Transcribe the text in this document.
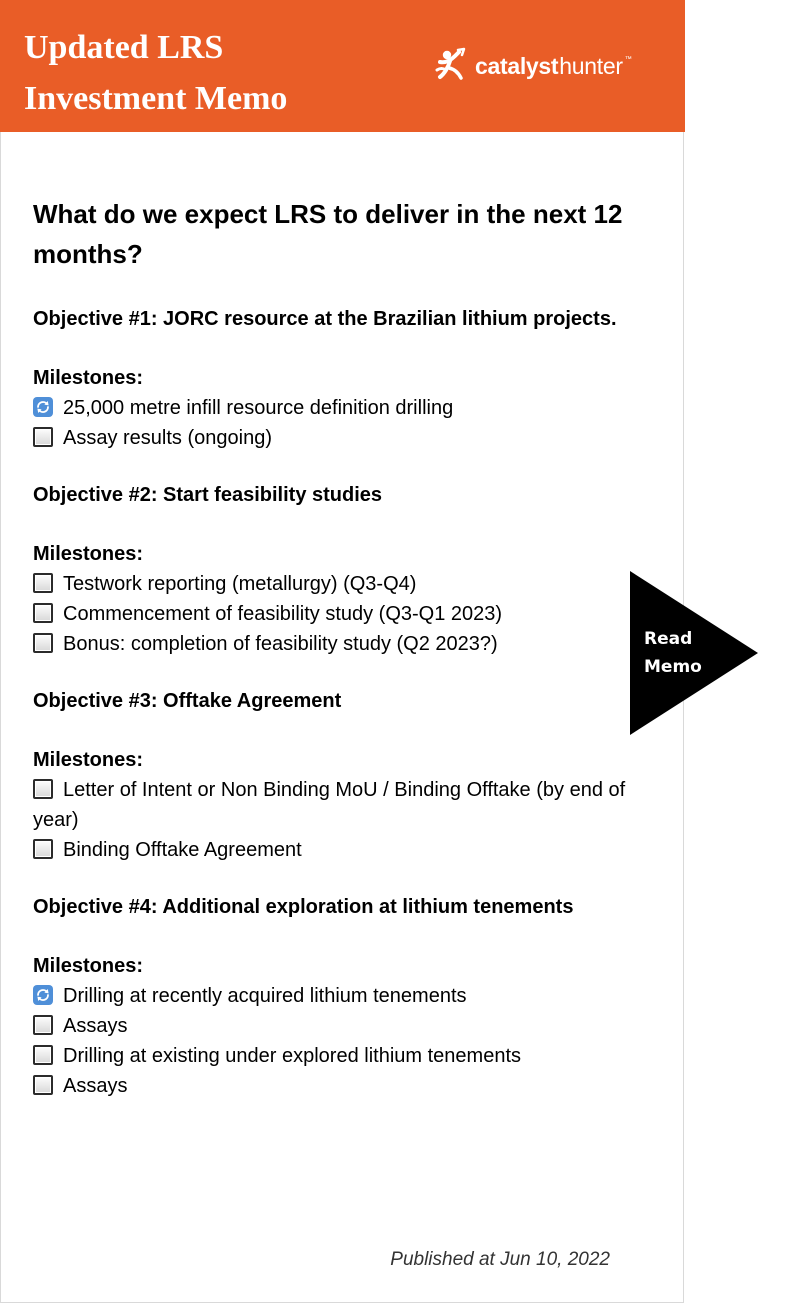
Updated LRS
Investment Memo
catalyst hunter ™
What do we expect LRS to deliver in the next 12 months?

Objective #1: JORC resource at the Brazilian lithium projects.

Milestones:

25,000 metre infill resource definition drilling

Assay results (ongoing)

Objective #2: Start feasibility studies

Milestones:

Testwork reporting (metallurgy) (Q3-Q4)

Commencement of feasibility study (Q3-Q1 2023)

Bonus: completion of feasibility study (Q2 2023?)

Objective #3: Offtake Agreement

Milestones:

Letter of Intent or Non Binding MoU / Binding Offtake (by end of year)

Binding Offtake Agreement

Objective #4: Additional exploration at lithium tenements

Milestones:

Drilling at recently acquired lithium tenements

Assays

Drilling at existing under explored lithium tenements

Assays

Read
Memo
Published at Jun 10, 2022
